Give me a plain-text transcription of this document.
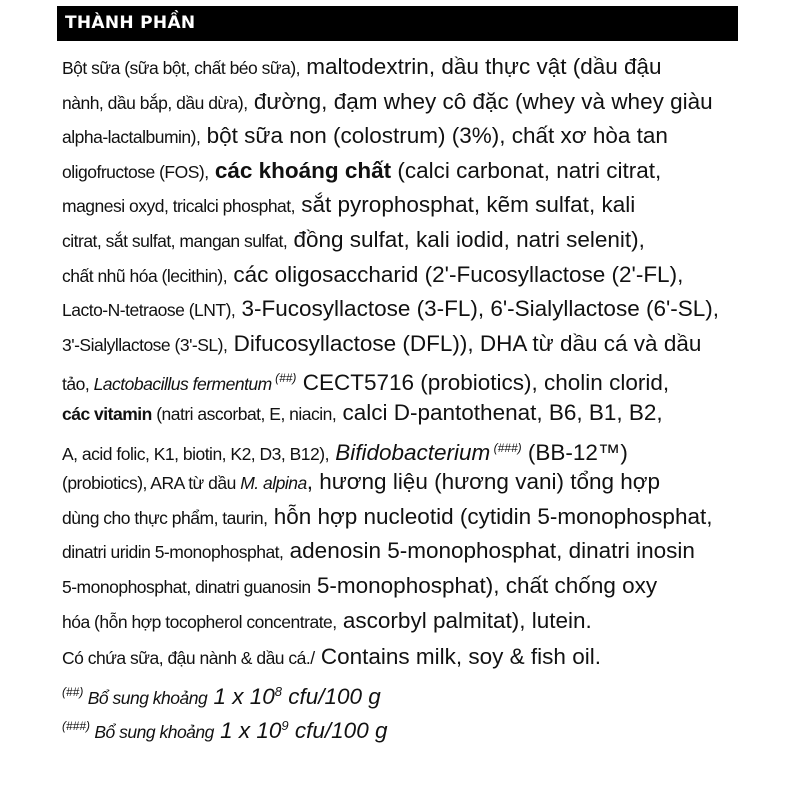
THÀNH PHẦN
Bột sữa (sữa bột, chất béo sữa), maltodextrin, dầu thực vật (dầu đậu
nành, dầu bắp, dầu dừa), đường, đạm whey cô đặc (whey và whey giàu
alpha-lactalbumin), bột sữa non (colostrum) (3%), chất xơ hòa tan
oligofructose (FOS), các khoáng chất (calci carbonat, natri citrat,
magnesi oxyd, tricalci phosphat, sắt pyrophosphat, kẽm sulfat, kali
citrat, sắt sulfat, mangan sulfat, đồng sulfat, kali iodid, natri selenit),
chất nhũ hóa (lecithin), các oligosaccharid (2'-Fucosyllactose (2'-FL),
Lacto-N-tetraose (LNT), 3-Fucosyllactose (3-FL), 6'-Sialyllactose (6'-SL),
3'-Sialyllactose (3'-SL), Difucosyllactose (DFL)), DHA từ dầu cá và dầu
tảo, Lactobacillus fermentum (##) CECT5716 (probiotics), cholin clorid,
các vitamin (natri ascorbat, E, niacin, calci D-pantothenat, B6, B1, B2,
A, acid folic, K1, biotin, K2, D3, B12), Bifidobacterium (###) (BB-12™)
(probiotics), ARA từ dầu M. alpina, hương liệu (hương vani) tổng hợp
dùng cho thực phẩm, taurin, hỗn hợp nucleotid (cytidin 5-monophosphat,
dinatri uridin 5-monophosphat, adenosin 5-monophosphat, dinatri inosin
5-monophosphat, dinatri guanosin 5-monophosphat), chất chống oxy
hóa (hỗn hợp tocopherol concentrate, ascorbyl palmitat), lutein.
Có chứa sữa, đậu nành & dầu cá./ Contains milk, soy & fish oil.
(##) Bổ sung khoảng 1 x $10^8$ cfu/100 g
(###) Bổ sung khoảng 1 x $10^9$ cfu/100 g
